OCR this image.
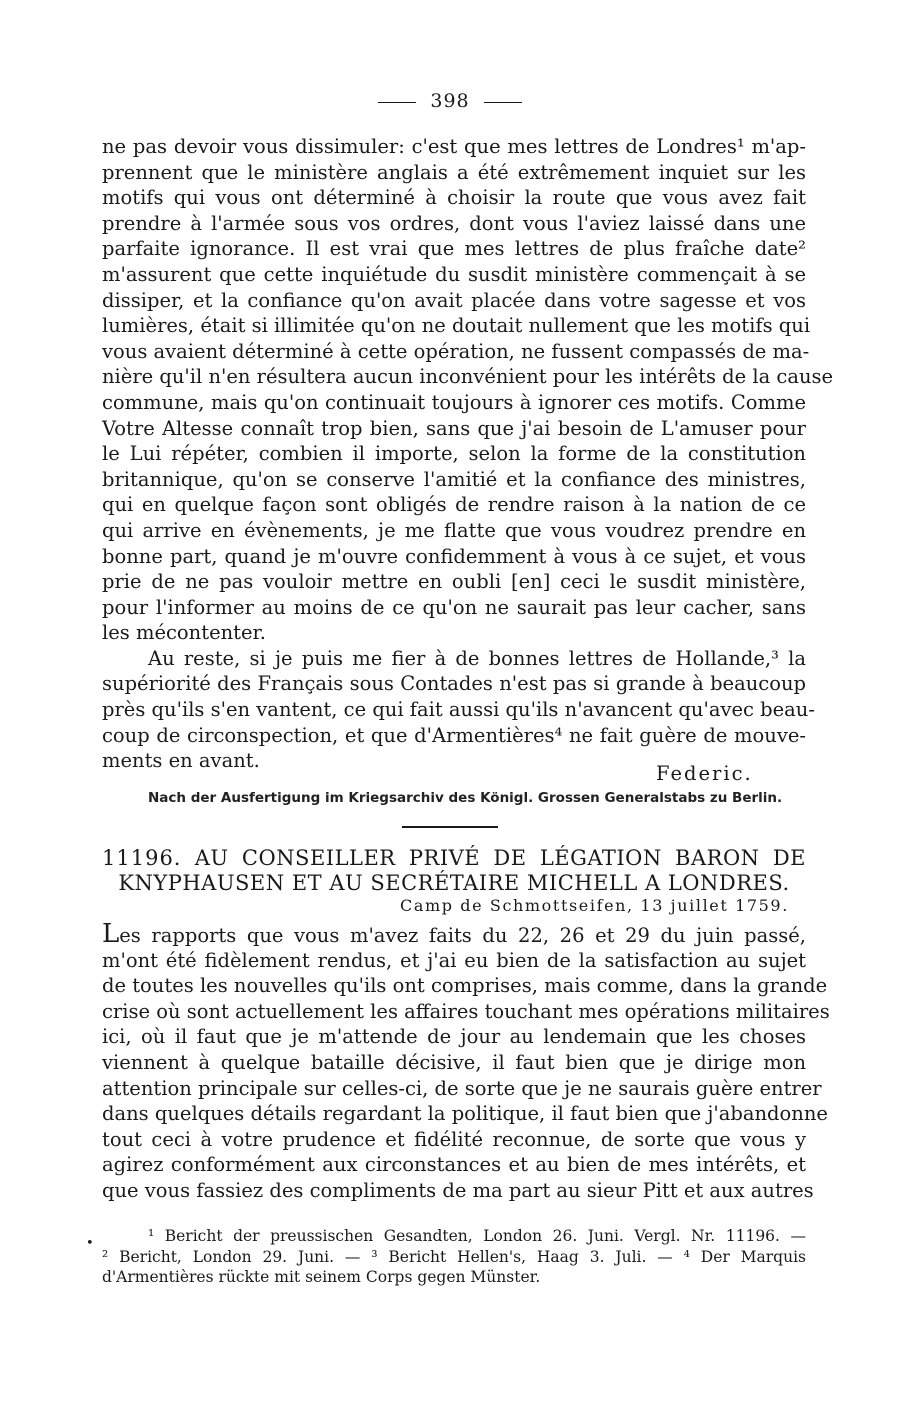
398
ne pas devoir vous dissimuler: c'est que mes lettres de Londres¹ m'ap-
prennent que le ministère anglais a été extrêmement inquiet sur les
motifs qui vous ont déterminé à choisir la route que vous avez fait
prendre à l'armée sous vos ordres, dont vous l'aviez laissé dans une
parfaite ignorance. Il est vrai que mes lettres de plus fraîche date²
m'assurent que cette inquiétude du susdit ministère commençait à se
dissiper, et la confiance qu'on avait placée dans votre sagesse et vos
lumières, était si illimitée qu'on ne doutait nullement que les motifs qui
vous avaient déterminé à cette opération, ne fussent compassés de ma-
nière qu'il n'en résultera aucun inconvénient pour les intérêts de la cause
commune, mais qu'on continuait toujours à ignorer ces motifs. Comme
Votre Altesse connaît trop bien, sans que j'ai besoin de L'amuser pour
le Lui répéter, combien il importe, selon la forme de la constitution
britannique, qu'on se conserve l'amitié et la confiance des ministres,
qui en quelque façon sont obligés de rendre raison à la nation de ce
qui arrive en évènements, je me flatte que vous voudrez prendre en
bonne part, quand je m'ouvre confidemment à vous à ce sujet, et vous
prie de ne pas vouloir mettre en oubli [en] ceci le susdit ministère,
pour l'informer au moins de ce qu'on ne saurait pas leur cacher, sans
les mécontenter.
Au reste, si je puis me fier à de bonnes lettres de Hollande,³ la
supériorité des Français sous Contades n'est pas si grande à beaucoup
près qu'ils s'en vantent, ce qui fait aussi qu'ils n'avancent qu'avec beau-
coup de circonspection, et que d'Armentières⁴ ne fait guère de mouve-
ments en avant.
Federic.
Nach der Ausfertigung im Kriegsarchiv des Königl. Grossen Generalstabs zu Berlin.
11196. AU CONSEILLER PRIVÉ DE LÉGATION BARON DE
KNYPHAUSEN ET AU SECRÉTAIRE MICHELL A LONDRES.
Camp de Schmottseifen, 13 juillet 1759.
Les rapports que vous m'avez faits du 22, 26 et 29 du juin passé,
m'ont été fidèlement rendus, et j'ai eu bien de la satisfaction au sujet
de toutes les nouvelles qu'ils ont comprises, mais comme, dans la grande
crise où sont actuellement les affaires touchant mes opérations militaires
ici, où il faut que je m'attende de jour au lendemain que les choses
viennent à quelque bataille décisive, il faut bien que je dirige mon
attention principale sur celles-ci, de sorte que je ne saurais guère entrer
dans quelques détails regardant la politique, il faut bien que j'abandonne
tout ceci à votre prudence et fidélité reconnue, de sorte que vous y
agirez conformément aux circonstances et au bien de mes intérêts, et
que vous fassiez des compliments de ma part au sieur Pitt et aux autres
•	¹ Bericht der preussischen Gesandten, London 26. Juni. Vergl. Nr. 11196. —
² Bericht, London 29. Juni. — ³ Bericht Hellen's, Haag 3. Juli. — ⁴ Der Marquis
d'Armentières rückte mit seinem Corps gegen Münster.
